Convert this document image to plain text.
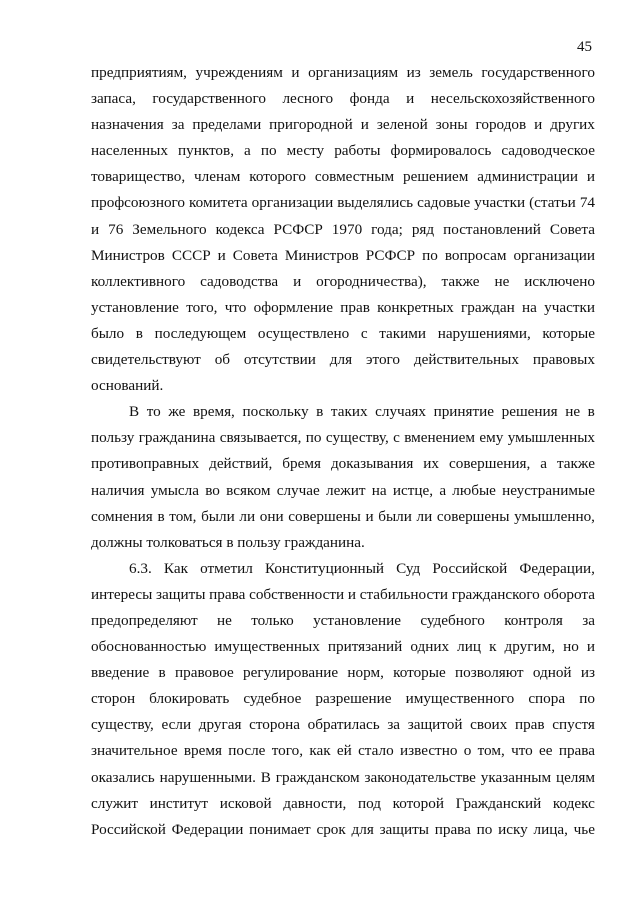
45
предприятиям, учреждениям и организациям из земель государственного
запаса, государственного лесного фонда и несельскохозяйственного
назначения за пределами пригородной и зеленой зоны городов и других
населенных пунктов, а по месту работы формировалось садоводческое
товарищество, членам которого совместным решением администрации и
профсоюзного комитета организации выделялись садовые участки (статьи 74
и 76 Земельного кодекса РСФСР 1970 года; ряд постановлений Совета
Министров СССР и Совета Министров РСФСР по вопросам организации
коллективного садоводства и огородничества), также не исключено
установление того, что оформление прав конкретных граждан на участки
было в последующем осуществлено с такими нарушениями, которые
свидетельствуют об отсутствии для этого действительных правовых
оснований.
В то же время, поскольку в таких случаях принятие решения не в
пользу гражданина связывается, по существу, с вменением ему умышленных
противоправных действий, бремя доказывания их совершения, а также
наличия умысла во всяком случае лежит на истце, а любые неустранимые
сомнения в том, были ли они совершены и были ли совершены умышленно,
должны толковаться в пользу гражданина.
6.3. Как отметил Конституционный Суд Российской Федерации,
интересы защиты права собственности и стабильности гражданского оборота
предопределяют не только установление судебного контроля за
обоснованностью имущественных притязаний одних лиц к другим, но и
введение в правовое регулирование норм, которые позволяют одной из
сторон блокировать судебное разрешение имущественного спора по
существу, если другая сторона обратилась за защитой своих прав спустя
значительное время после того, как ей стало известно о том, что ее права
оказались нарушенными. В гражданском законодательстве указанным целям
служит институт исковой давности, под которой Гражданский кодекс
Российской Федерации понимает срок для защиты права по иску лица, чье
